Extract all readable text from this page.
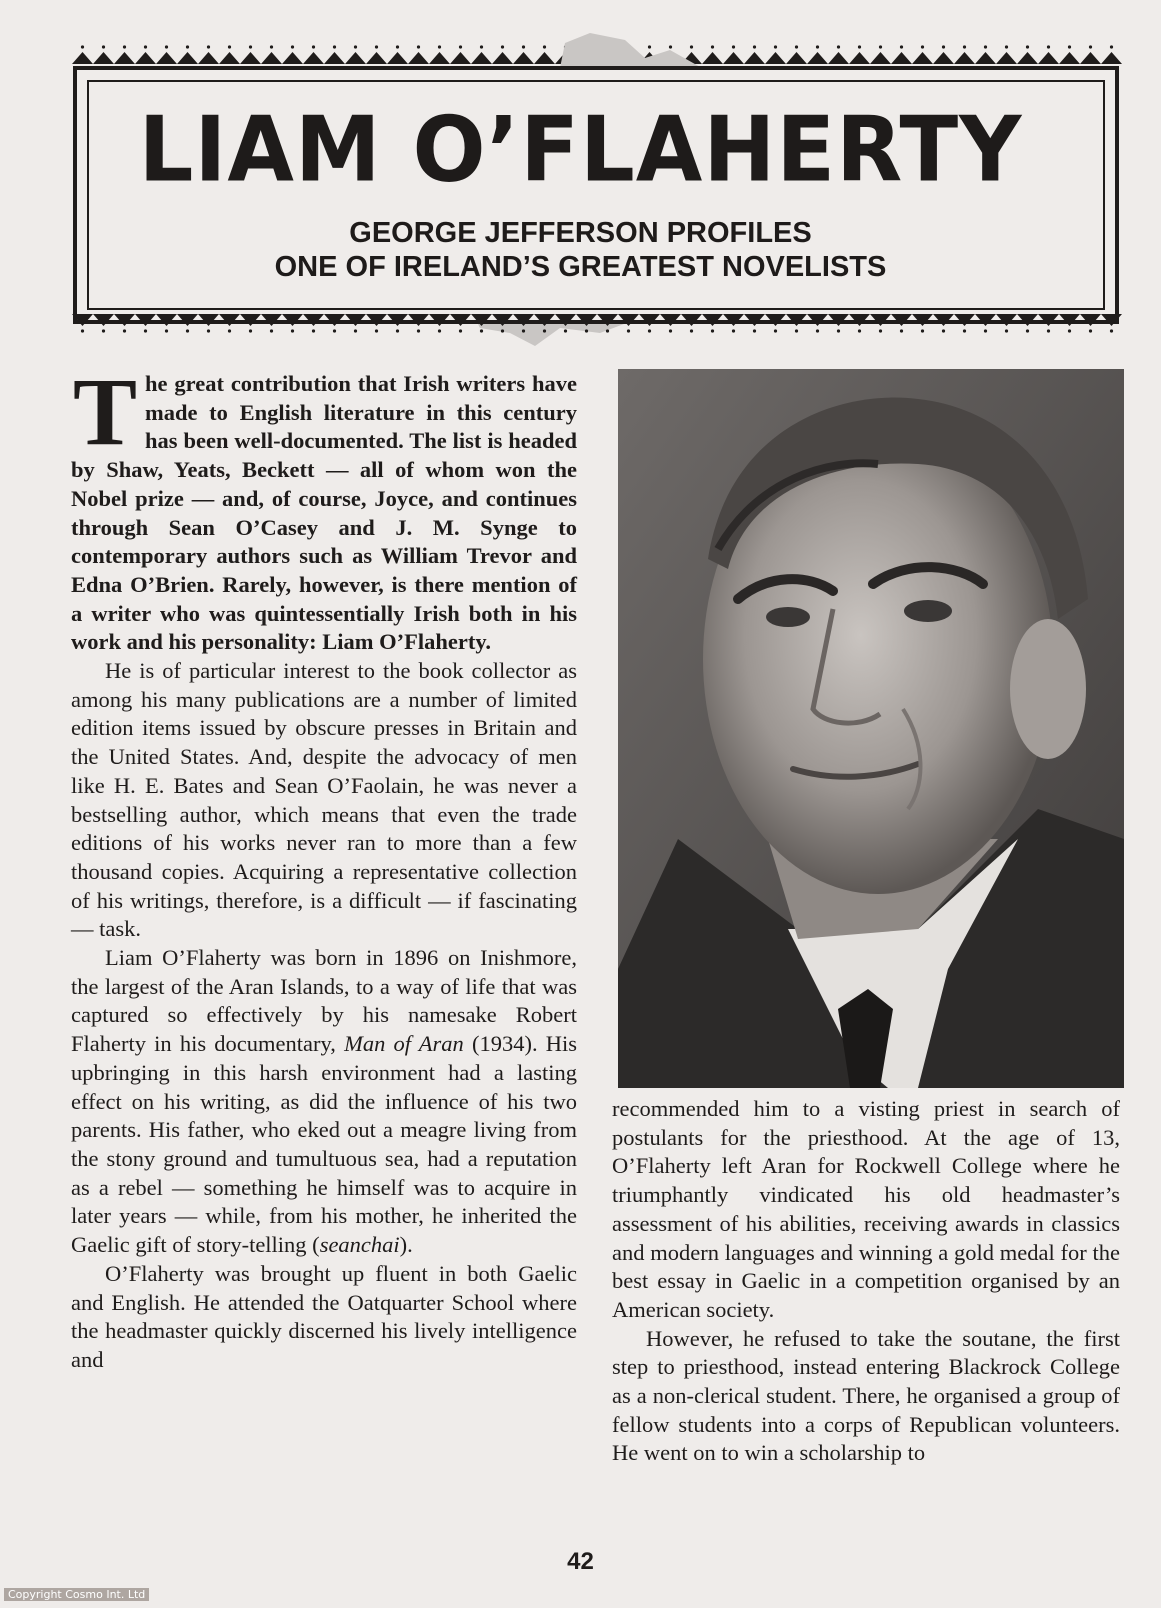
LIAM O’FLAHERTY
GEORGE JEFFERSON PROFILES
ONE OF IRELAND’S GREATEST NOVELISTS

The great contribution that Irish writers have made to English literature in this century has been well-documented. The list is headed by Shaw, Yeats, Beckett — all of whom won the Nobel prize — and, of course, Joyce, and continues through Sean O’Casey and J. M. Synge to contemporary authors such as William Trevor and Edna O’Brien. Rarely, however, is there mention of a writer who was quintessentially Irish both in his work and his personality: Liam O’Flaherty.

He is of particular interest to the book collector as among his many publications are a number of limited edition items issued by obscure presses in Britain and the United States. And, despite the advocacy of men like H. E. Bates and Sean O’Faolain, he was never a bestselling author, which means that even the trade editions of his works never ran to more than a few thousand copies. Acquiring a representative collection of his writings, therefore, is a difficult — if fascinating — task.

Liam O’Flaherty was born in 1896 on Inishmore, the largest of the Aran Islands, to a way of life that was captured so effectively by his namesake Robert Flaherty in his documentary, Man of Aran (1934). His upbringing in this harsh environment had a lasting effect on his writing, as did the influence of his two parents. His father, who eked out a meagre living from the stony ground and tumultuous sea, had a reputation as a rebel — something he himself was to acquire in later years — while, from his mother, he inherited the Gaelic gift of story-telling (seanchai).

O’Flaherty was brought up fluent in both Gaelic and English. He attended the Oatquarter School where the headmaster quickly discerned his lively intelligence and

recommended him to a visting priest in search of postulants for the priesthood. At the age of 13, O’Flaherty left Aran for Rockwell College where he triumphantly vindicated his old headmaster’s assessment of his abilities, receiving awards in classics and modern languages and winning a gold medal for the best essay in Gaelic in a competition organised by an American society.

However, he refused to take the soutane, the first step to priesthood, instead entering Blackrock College as a non-clerical student. There, he organised a group of fellow students into a corps of Republican volunteers. He went on to win a scholarship to

42
Copyright Cosmo Int. Ltd
